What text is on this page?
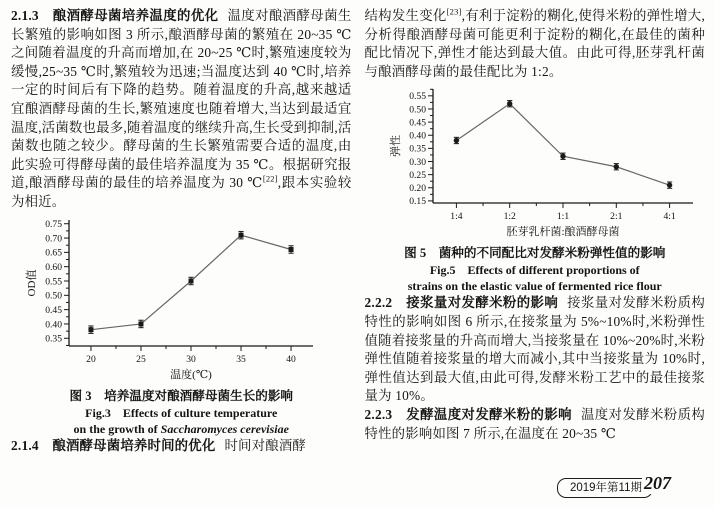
2.1.3　酿酒酵母菌培养温度的优化 温度对酿酒酵母菌生长繁殖的影响如图 3 所示,酿酒酵母菌的繁殖在 20~35 ℃之间随着温度的升高而增加,在 20~25 ℃时,繁殖速度较为缓慢,25~35 ℃时,繁殖较为迅速;当温度达到 40 ℃时,培养一定的时间后有下降的趋势。随着温度的升高,越来越适宜酿酒酵母菌的生长,繁殖速度也随着增大,当达到最适宜温度,活菌数也最多,随着温度的继续升高,生长受到抑制,活菌数也随之较少。酵母菌的生长繁殖需要合适的温度,由此实验可得酵母菌的最佳培养温度为 35 ℃。根据研究报道,酿酒酵母菌的最佳的培养温度为 30 ℃[22],跟本实验较为相近。

0.35
0.40
0.45
0.50
0.55
0.60
0.65
0.70
0.75
20	25	30	35	40
温度(℃)
OD值

图 3　培养温度对酿酒酵母菌生长的影响

Fig.3　Effects of culture temperature

on the growth of Saccharomyces cerevisiae

2.1.4　酿酒酵母菌培养时间的优化 时间对酿酒酵

结构发生变化[23],有利于淀粉的糊化,使得米粉的弹性增大,分析得酿酒酵母菌可能更利于淀粉的糊化,在最佳的菌种配比情况下,弹性才能达到最大值。由此可得,胚芽乳杆菌与酿酒酵母菌的最佳配比为 1:2。

0.15
0.20
0.25
0.30
0.35
0.40
0.45
0.50
0.55
1:4	1:2	1:1	2:1	4:1
胚芽乳杆菌:酿酒酵母菌
弹性

图 5　菌种的不同配比对发酵米粉弹性值的影响

Fig.5　Effects of different proportions of

strains on the elastic value of fermented rice flour

2.2.2　接浆量对发酵米粉的影响 接浆量对发酵米粉质构特性的影响如图 6 所示,在接浆量为 5%~10%时,米粉弹性值随着接浆量的升高而增大,当接浆量在 10%~20%时,米粉弹性值随着接浆量的增大而减小,其中当接浆量为 10%时,弹性值达到最大值,由此可得,发酵米粉工艺中的最佳接浆量为 10%。

2.2.3　发酵温度对发酵米粉的影响 温度对发酵米粉质构特性的影响如图 7 所示,在温度在 20~35 ℃

2019年第11期 207
